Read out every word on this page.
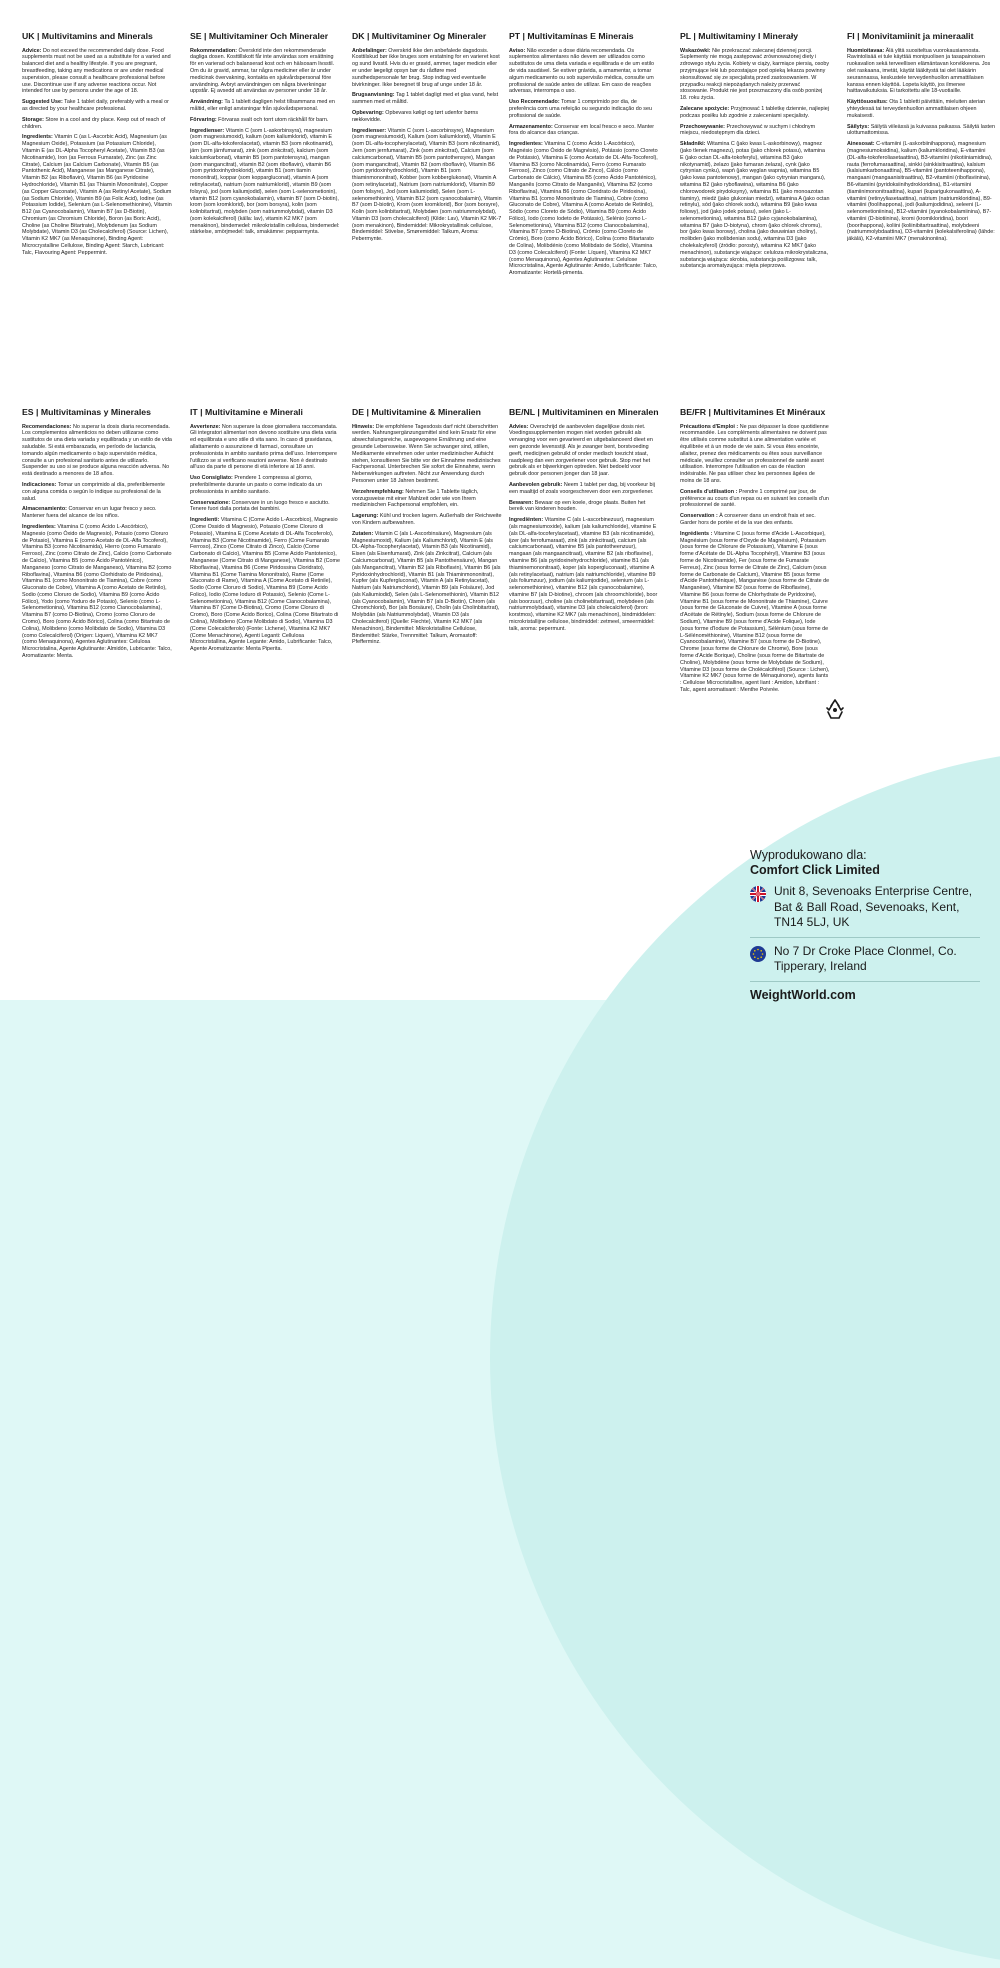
UK | Multivitamins and Minerals

Advice: Do not exceed the recommended daily dose. Food supplements must not be used as a substitute for a varied and balanced diet and a healthy lifestyle. If you are pregnant, breastfeeding, taking any medications or are under medical supervision, please consult a healthcare professional before use. Discontinue use if any adverse reactions occur. Not intended for use by persons under the age of 18.

Suggested Use: Take 1 tablet daily, preferably with a meal or as directed by your healthcare professional.

Storage: Store in a cool and dry place. Keep out of reach of children.

Ingredients: Vitamin C (as L-Ascorbic Acid), Magnesium (as Magnesium Oxide), Potassium (as Potassium Chloride), Vitamin E (as DL-Alpha Tocopheryl Acetate), Vitamin B3 (as Nicotinamide), Iron (as Ferrous Fumarate), Zinc (as Zinc Citrate), Calcium (as Calcium Carbonate), Vitamin B5 (as Pantothenic Acid), Manganese (as Manganese Citrate), Vitamin B2 (as Riboflavin), Vitamin B6 (as Pyridoxine Hydrochloride), Vitamin B1 (as Thiamin Mononitrate), Copper (as Copper Gluconate), Vitamin A (as Retinyl Acetate), Sodium (as Sodium Chloride), Vitamin B9 (as Folic Acid), Iodine (as Potassium Iodide), Selenium (as L-Selenomethionine), Vitamin B12 (as Cyanocobalamin), Vitamin B7 (as D-Biotin), Chromium (as Chromium Chloride), Boron (as Boric Acid), Choline (as Choline Bitartrate), Molybdenum (as Sodium Molybdate), Vitamin D3 (as Cholecalciferol) (Source: Lichen), Vitamin K2 MK7 (as Menaquinone), Binding Agent: Microcrystalline Cellulose, Binding Agent: Starch, Lubricant: Talc, Flavouring Agent: Peppermint.

SE | Multivitaminer Och Mineraler

Rekommendation: Överskrid inte den rekommenderade dagliga dosen. Kosttillskott får inte användas som ersättning för en varierad och balanserad kost och en hälsosam livsstil. Om du är gravid, ammar, tar några mediciner eller är under medicinsk övervakning, kontakta en sjukvårdspersonal före användning. Avbryt användningen om några biverkningar uppstår. Ej avsedd att användas av personer under 18 år.

Användning: Ta 1 tablett dagligen helst tillsammans med en måltid, eller enligt anvisningar från sjukvårdspersonal.

Förvaring: Förvaras svalt och torrt utom räckhåll för barn.

Ingredienser: Vitamin C (som L-askorbinsyra), magnesium (som magnesiumoxid), kalium (som kaliumklorid), vitamin E (som DL-alfa-tokoferolacetat), vitamin B3 (som nikotinamid), järn (som järnfumarat), zink (som zinkcitrat), kalcium (som kalciumkarbonat), vitamin B5 (som pantotensyra), mangan (som mangancitrat), vitamin B2 (som riboflavin), vitamin B6 (som pyridoxinhydroklorid), vitamin B1 (som tiamin mononitrat), koppar (som koppargluconat), vitamin A (som retinylacetat), natrium (som natriumklorid), vitamin B9 (som folsyra), jod (som kaliumjodid), selen (som L-selenometionin), vitamin B12 (som cyanokobalamin), vitamin B7 (som D-biotin), krom (som kromklorid), bor (som borsyra), kolin (som kolinbitartrat), molybden (som natriummolybdat), vitamin D3 (som kolekalciferol) (källa: lav), vitamin K2 MK7 (som menakinon), bindemedel: mikrokristallin cellulosa, bindemedel: stärkelse, smörjmedel: talk, smakämne: pepparmynta.

DK | Multivitaminer Og Mineraler

Anbefalinger: Overskrid ikke den anbefalede dagsdosis. Kosttilskud bør ikke bruges som erstatning for en varieret kost og sund livsstil. Hvis du er gravid, ammer, tager medicin eller er under lægeligt opsyn bør du rådføre med sundhedspersonale før brug. Stop indtag ved eventuelle bivirkninger. Ikke beregnet til brug af unge under 18 år.

Brugsanvisning: Tag 1 tablet dagligt med et glas vand, helst sammen med et måltid.

Opbevaring: Opbevares køligt og tørt udenfor børns rækkevidde.

Ingredienser: Vitamin C (som L-ascorbinsyre), Magnesium (som magnesiumoxid), Kalium (som kaliumklorid), Vitamin E (som DL-alfa-tocopherylacetat), Vitamin B3 (som nikotinamid), Jern (som jernfumarat), Zink (som zinkcitrat), Calcium (som calciumcarbonat), Vitamin B5 (som pantothensyre), Mangan (som mangancitrat), Vitamin B2 (som riboflavin), Vitamin B6 (som pyridoxinhydrochlorid), Vitamin B1 (som thiaminmononitrat), Kobber (som kobberglukonat), Vitamin A (som retinylacetat), Natrium (som natriumklorid), Vitamin B9 (som folsyre), Jod (som kaliumiodid), Selen (som L-selenomethionin), Vitamin B12 (som cyanocobalamin), Vitamin B7 (som D-biotin), Krom (som kromklorid), Bor (som borsyre), Kolin (som kolinbitartrat), Molybdæn (som natriummolybdat), Vitamin D3 (som cholecalciferol) (Kilde: Lav), Vitamin K2 MK-7 (som menakinon), Bindemiddel: Mikrokrystallinsk cellulose, Bindemiddel: Stivelse, Smøremiddel: Talkum, Aroma: Pebermynte.

PT | Multivitamínas E Minerais

Aviso: Não exceder a dose diária recomendada. Os suplementos alimentares não devem ser utilizados como substitutos de uma dieta variada e equilibrada e de um estilo de vida saudável. Se estiver grávida, a amamentar, a tomar algum medicamento ou sob supervisão médica, consulte um profissional de saúde antes de utilizar. Em caso de reações adversas, interrompa o uso.

Uso Recomendado: Tomar 1 comprimido por dia, de preferência com uma refeição ou segundo indicação do seu profissional de saúde.

Armazenamento: Conservar em local fresco e seco. Manter fora do alcance das crianças.

Ingredientes: Vitamina C (como Ácido L-Ascórbico), Magnésio (como Óxido de Magnésio), Potássio (como Cloreto de Potássio), Vitamina E (como Acetato de DL-Alfa-Tocoferol), Vitamina B3 (como Nicotinamida), Ferro (como Fumarato Ferroso), Zinco (como Citrato de Zinco), Cálcio (como Carbonato de Cálcio), Vitamina B5 (como Ácido Pantoténico), Manganês (como Citrato de Manganês), Vitamina B2 (como Riboflavina), Vitamina B6 (como Cloridrato de Piridoxina), Vitamina B1 (como Mononitrato de Tiamina), Cobre (como Gluconato de Cobre), Vitamina A (como Acetato de Retinilo), Sódio (como Cloreto de Sódio), Vitamina B9 (como Ácido Fólico), Iodo (como Iodeto de Potássio), Selénio (como L-Selenometionina), Vitamina B12 (como Cianocobalamina), Vitamina B7 (como D-Biotina), Crómio (como Cloreto de Crómio), Boro (como Ácido Bórico), Colina (como Bitartarato de Colina), Molibdénio (como Molibdato de Sódio), Vitamina D3 (como Colecalciferol) (Fonte: Líquen), Vitamina K2 MK7 (como Menaquinona), Agentes Aglutinantes: Celulose Microcristalina, Agente Aglutinante: Amido, Lubrificante: Talco, Aromatizante: Hortelã-pimenta.

PL | Multiwitaminy I Minerały

Wskazówki: Nie przekraczać zalecanej dziennej porcji. Suplementy nie mogą zastępować zrównoważonej diety i zdrowego stylu życia. Kobiety w ciąży, karmiące piersią, osoby przyjmujące leki lub pozostające pod opieką lekarza powinny skonsultować się ze specjalistą przed zastosowaniem. W przypadku reakcji niepożądanych należy przerwać stosowanie. Produkt nie jest przeznaczony dla osób poniżej 18. roku życia.

Zalecane spożycie: Przyjmować 1 tabletkę dziennie, najlepiej podczas posiłku lub zgodnie z zaleceniami specjalisty.

Przechowywanie: Przechowywać w suchym i chłodnym miejscu, niedostępnym dla dzieci.

Składniki: Witamina C (jako kwas L-askorbinowy), magnez (jako tlenek magnezu), potas (jako chlorek potasu), witamina E (jako octan DL-alfa-tokoferylu), witamina B3 (jako nikotynamid), żelazo (jako fumaran żelaza), cynk (jako cytrynian cynku), wapń (jako węglan wapnia), witamina B5 (jako kwas pantotenowy), mangan (jako cytrynian manganu), witamina B2 (jako ryboflawina), witamina B6 (jako chlorowodorek pirydoksyny), witamina B1 (jako monoazotan tiaminy), miedź (jako glukonian miedzi), witamina A (jako octan retinylu), sód (jako chlorek sodu), witamina B9 (jako kwas foliowy), jod (jako jodek potasu), selen (jako L-selenometionina), witamina B12 (jako cyjanokobalamina), witamina B7 (jako D-biotyna), chrom (jako chlorek chromu), bor (jako kwas borowy), cholina (jako dwuwinian choliny), molibden (jako molibdenian sodu), witamina D3 (jako cholekalcyferol) (źródło: porosty), witamina K2 MK7 (jako menachinon), substancje wiążące: celuloza mikrokrystaliczna, substancja wiążąca: skrobia, substancja poślizgowa: talk, substancja aromatyzująca: mięta pieprzowa.

FI | Monivitamiinit ja mineraalit

Huomioitavaa: Älä ylitä suositeltua vuorokausiannosta. Ravintolisää ei tule käyttää monipuolisen ja tasapainoisen ruokavalion sekä terveellisen elämäntavan korvikkeena. Jos olet raskaana, imetät, käytät lääkitystä tai olet lääkärin seurannassa, keskustele terveydenhuollon ammattilaisen kanssa ennen käyttöä. Lopeta käyttö, jos ilmenee haittavaikutuksia. Ei tarkoitettu alle 18-vuotiaille.

Käyttösuositus: Ota 1 tabletti päivittäin, mieluiten aterian yhteydessä tai terveydenhuollon ammattilaisen ohjeen mukaisesti.

Säilytys: Säilytä viileässä ja kuivassa paikassa. Säilytä lasten ulottumattomissa.

Ainesosat: C-vitamiini (L-askorbiinihappona), magnesium (magnesiumoksidina), kalium (kaliumkloridina), E-vitamiini (DL-alfa-tokoferoliasetaattina), B3-vitamiini (nikotiiniamidina), rauta (ferrofumaraattina), sinkki (sinkkisitraattina), kalsium (kalsiumkarbonaattina), B5-vitamiini (pantoteenihappona), mangaani (mangaanisitraattina), B2-vitamiini (riboflaviinina), B6-vitamiini (pyridoksiinihydrokloridina), B1-vitamiini (tiamiinimononitraattina), kupari (kuparigukonaattina), A-vitamiini (retinyyliasetaattina), natrium (natriumkloridina), B9-vitamiini (foolihappona), jodi (kaliumjodidina), seleeni (L-selenometioniinina), B12-vitamiini (syanokobalamiinina), B7-vitamiini (D-biotiinina), kromi (kromikloridina), boori (boorihappona), koliini (koliinibitartraattina), molybdeeni (natriummolybdaattina), D3-vitamiini (kolekalsiferolina) (lähde: jäkälä), K2-vitamiini MK7 (menakinoniina).

ES | Multivitaminas y Minerales

Recomendaciones: No superar la dosis diaria recomendada. Los complementos alimenticios no deben utilizarse como sustitutos de una dieta variada y equilibrada y un estilo de vida saludable. Si está embarazada, en período de lactancia, tomando algún medicamento o bajo supervisión médica, consulte a un profesional sanitario antes de utilizarlo. Suspender su uso si se produce alguna reacción adversa. No está destinado a menores de 18 años.

Indicaciones: Tomar un comprimido al día, preferiblemente con alguna comida o según lo indique su profesional de la salud.

Almacenamiento: Conservar en un lugar fresco y seco. Mantener fuera del alcance de los niños.

Ingredientes: Vitamina C (como Ácido L-Ascórbico), Magnesio (como Óxido de Magnesio), Potasio (como Cloruro de Potasio), Vitamina E (como Acetato de DL-Alfa Tocoferol), Vitamina B3 (como Nicotinamida), Hierro (como Fumarato Ferroso), Zinc (como Citrato de Zinc), Calcio (como Carbonato de Calcio), Vitamina B5 (como Ácido Pantoténico), Manganeso (como Citrato de Manganeso), Vitamina B2 (como Riboflavina), Vitamina B6 (como Clorhidrato de Piridoxina), Vitamina B1 (como Mononitrato de Tiamina), Cobre (como Gluconato de Cobre), Vitamina A (como Acetato de Retinilo), Sodio (como Cloruro de Sodio), Vitamina B9 (como Ácido Fólico), Yodo (como Yoduro de Potasio), Selenio (como L-Selenometionina), Vitamina B12 (como Cianocobalamina), Vitamina B7 (como D-Biotina), Cromo (como Cloruro de Cromo), Boro (como Ácido Bórico), Colina (como Bitartrato de Colina), Molibdeno (como Molibdato de Sodio), Vitamina D3 (como Colecalciferol) (Origen: Liquen), Vitamina K2 MK7 (como Menaquinona), Agentes Aglutinantes: Celulosa Microcristalina, Agente Aglutinante: Almidón, Lubricante: Talco, Aromatizante: Menta.

IT | Multivitamine e Minerali

Avvertenze: Non superare la dose giornaliera raccomandata. Gli integratori alimentari non devono sostituire una dieta varia ed equilibrata e uno stile di vita sano. In caso di gravidanza, allattamento o assunzione di farmaci, consultare un professionista in ambito sanitario prima dell'uso. Interrompere l'utilizzo se si verificano reazioni avverse. Non è destinato all'uso da parte di persone di età inferiore ai 18 anni.

Uso Consigliato: Prendere 1 compressa al giorno, preferibilmente durante un pasto o come indicato da un professionista in ambito sanitario.

Conservazione: Conservare in un luogo fresco e asciutto. Tenere fuori dalla portata dei bambini.

Ingredienti: Vitamina C (Come Acido L-Ascorbico), Magnesio (Come Ossido di Magnesio), Potassio (Come Cloruro di Potassio), Vitamina E (Come Acetato di DL-Alfa Tocoferolo), Vitamina B3 (Come Nicotinamide), Ferro (Come Fumarato Ferroso), Zinco (Come Citrato di Zinco), Calcio (Come Carbonato di Calcio), Vitamina B5 (Come Acido Pantotenico), Manganese (Come Citrato di Manganese), Vitamina B2 (Come Riboflavina), Vitamina B6 (Come Piridossina Cloridrato), Vitamina B1 (Come Tiamina Mononitrato), Rame (Come Gluconato di Rame), Vitamina A (Come Acetato di Retinile), Sodio (Come Cloruro di Sodio), Vitamina B9 (Come Acido Folico), Iodio (Come Ioduro di Potassio), Selenio (Come L-Selenometionina), Vitamina B12 (Come Cianocobalamina), Vitamina B7 (Come D-Biotina), Cromo (Come Cloruro di Cromo), Boro (Come Acido Borico), Colina (Come Bitartrato di Colina), Molibdeno (Come Molibdato di Sodio), Vitamina D3 (Come Colecalciferolo) (Fonte: Lichene), Vitamina K2 MK7 (Come Menachinone), Agenti Leganti: Cellulosa Microcristallina, Agente Legante: Amido, Lubrificante: Talco, Agente Aromatizzante: Menta Piperita.

DE | Multivitamine & Mineralien

Hinweis: Die empfohlene Tagesdosis darf nicht überschritten werden. Nahrungsergänzungsmittel sind kein Ersatz für eine abwechslungsreiche, ausgewogene Ernährung und eine gesunde Lebensweise. Wenn Sie schwanger sind, stillen, Medikamente einnehmen oder unter medizinischer Aufsicht stehen, konsultieren Sie bitte vor der Einnahme medizinisches Fachpersonal. Unterbrechen Sie sofort die Einnahme, wenn Nebenwirkungen auftreten. Nicht zur Anwendung durch Personen unter 18 Jahren bestimmt.

Verzehrempfehlung: Nehmen Sie 1 Tablette täglich, vorzugsweise mit einer Mahlzeit oder wie von Ihrem medizinischen Fachpersonal empfohlen, ein.

Lagerung: Kühl und trocken lagern. Außerhalb der Reichweite von Kindern aufbewahren.

Zutaten: Vitamin C (als L-Ascorbinsäure), Magnesium (als Magnesiumoxid), Kalium (als Kaliumchlorid), Vitamin E (als DL-Alpha-Tocopherylacetat), Vitamin B3 (als Nicotinamid), Eisen (als Eisenfumarat), Zink (als Zinkcitrat), Calcium (als Calciumcarbonat), Vitamin B5 (als Pantothensäure), Mangan (als Mangancitrat), Vitamin B2 (als Riboflavin), Vitamin B6 (als Pyridoxinhydrochlorid), Vitamin B1 (als Thiaminmononitrat), Kupfer (als Kupfergluconat), Vitamin A (als Retinylacetat), Natrium (als Natriumchlorid), Vitamin B9 (als Folsäure), Jod (als Kaliumiodid), Selen (als L-Selenomethionin), Vitamin B12 (als Cyanocobalamin), Vitamin B7 (als D-Biotin), Chrom (als Chromchlorid), Bor (als Borsäure), Cholin (als Cholinbitartrat), Molybdän (als Natriummolybdat), Vitamin D3 (als Cholecalciferol) (Quelle: Flechte), Vitamin K2 MK7 (als Menachinon), Bindemittel: Mikrokristalline Cellulose, Bindemittel: Stärke, Trennmittel: Talkum, Aromastoff: Pfefferminz.

BE/NL | Multivitaminen en Mineralen

Advies: Overschrijd de aanbevolen dagelijkse dosis niet. Voedingssupplementen mogen niet worden gebruikt als vervanging voor een gevarieerd en uitgebalanceerd dieet en een gezonde levensstijl. Als je zwanger bent, borstvoeding geeft, medicijnen gebruikt of onder medisch toezicht staat, raadpleeg dan een zorgverlener voor gebruik. Stop met het gebruik als er bijwerkingen optreden. Niet bedoeld voor gebruik door personen jonger dan 18 jaar.

Aanbevolen gebruik: Neem 1 tablet per dag, bij voorkeur bij een maaltijd of zoals voorgeschreven door een zorgverlener.

Bewaren: Bewaar op een koele, droge plaats. Buiten het bereik van kinderen houden.

Ingrediënten: Vitamine C (als L-ascorbinezuur), magnesium (als magnesiumoxide), kalium (als kaliumchloride), vitamine E (als DL-alfa-tocoferylacetaat), vitamine B3 (als nicotinamide), ijzer (als ferrofumaraat), zink (als zinkcitraat), calcium (als calciumcarbonaat), vitamine B5 (als pantotheenzuur), mangaan (als mangaancitraat), vitamine B2 (als riboflavine), vitamine B6 (als pyridoxinehydrochloride), vitamine B1 (als thiaminemononitraat), koper (als kopergluconaat), vitamine A (als retinylacetaat), natrium (als natriumchloride), vitamine B9 (als foliumzuur), jodium (als kaliumjodide), selenium (als L-selenomethionine), vitamine B12 (als cyanocobalamine), vitamine B7 (als D-biotine), chroom (als chroomchloride), boor (als boorzuur), choline (als cholinebitartraat), molybdeen (als natriummolybdaat), vitamine D3 (als cholecalciferol) (bron: korstmos), vitamine K2 MK7 (als menachinon), bindmiddelen: microkristallijne cellulose, bindmiddel: zetmeel, smeermiddel: talk, aroma: pepermunt.

BE/FR | Multivitamines Et Minéraux

Précautions d'Emploi : Ne pas dépasser la dose quotidienne recommandée. Les compléments alimentaires ne doivent pas être utilisés comme substitut à une alimentation variée et équilibrée et à un mode de vie sain. Si vous êtes enceinte, allaitez, prenez des médicaments ou êtes sous surveillance médicale, veuillez consulter un professionnel de santé avant utilisation. Interrompre l'utilisation en cas de réaction indésirable. Ne pas utiliser chez les personnes âgées de moins de 18 ans.

Conseils d'utilisation : Prendre 1 comprimé par jour, de préférence au cours d'un repas ou en suivant les conseils d'un professionnel de santé.

Conservation : À conserver dans un endroit frais et sec. Garder hors de portée et de la vue des enfants.

Ingrédients : Vitamine C (sous forme d'Acide L-Ascorbique), Magnésium (sous forme d'Oxyde de Magnésium), Potassium (sous forme de Chlorure de Potassium), Vitamine E (sous forme d'Acétate de DL-Alpha Tocophéryl), Vitamine B3 (sous forme de Nicotinamide), Fer (sous forme de Fumarate Ferreux), Zinc (sous forme de Citrate de Zinc), Calcium (sous forme de Carbonate de Calcium), Vitamine B5 (sous forme d'Acide Pantothénique), Manganèse (sous forme de Citrate de Manganèse), Vitamine B2 (sous forme de Riboflavine), Vitamine B6 (sous forme de Chlorhydrate de Pyridoxine), Vitamine B1 (sous forme de Mononitrate de Thiamine), Cuivre (sous forme de Gluconate de Cuivre), Vitamine A (sous forme d'Acétate de Rétinyle), Sodium (sous forme de Chlorure de Sodium), Vitamine B9 (sous forme d'Acide Folique), Iode (sous forme d'Iodure de Potassium), Sélénium (sous forme de L-Sélénométhionine), Vitamine B12 (sous forme de Cyanocobalamine), Vitamine B7 (sous forme de D-Biotine), Chrome (sous forme de Chlorure de Chrome), Bore (sous forme d'Acide Borique), Choline (sous forme de Bitartrate de Choline), Molybdène (sous forme de Molybdate de Sodium), Vitamine D3 (sous forme de Cholécalciférol) (Source : Lichen), Vitamine K2 MK7 (sous forme de Ménaquinone), agents liants : Cellulose Microcristalline, agent liant : Amidon, lubrifiant : Talc, agent aromatisant : Menthe Poivrée.

Wyprodukowano dla:
Comfort Click Limited
Unit 8, Sevenoaks Enterprise Centre, Bat & Ball Road, Sevenoaks, Kent, TN14 5LJ, UK
No 7 Dr Croke Place Clonmel, Co. Tipperary, Ireland
WeightWorld.com
